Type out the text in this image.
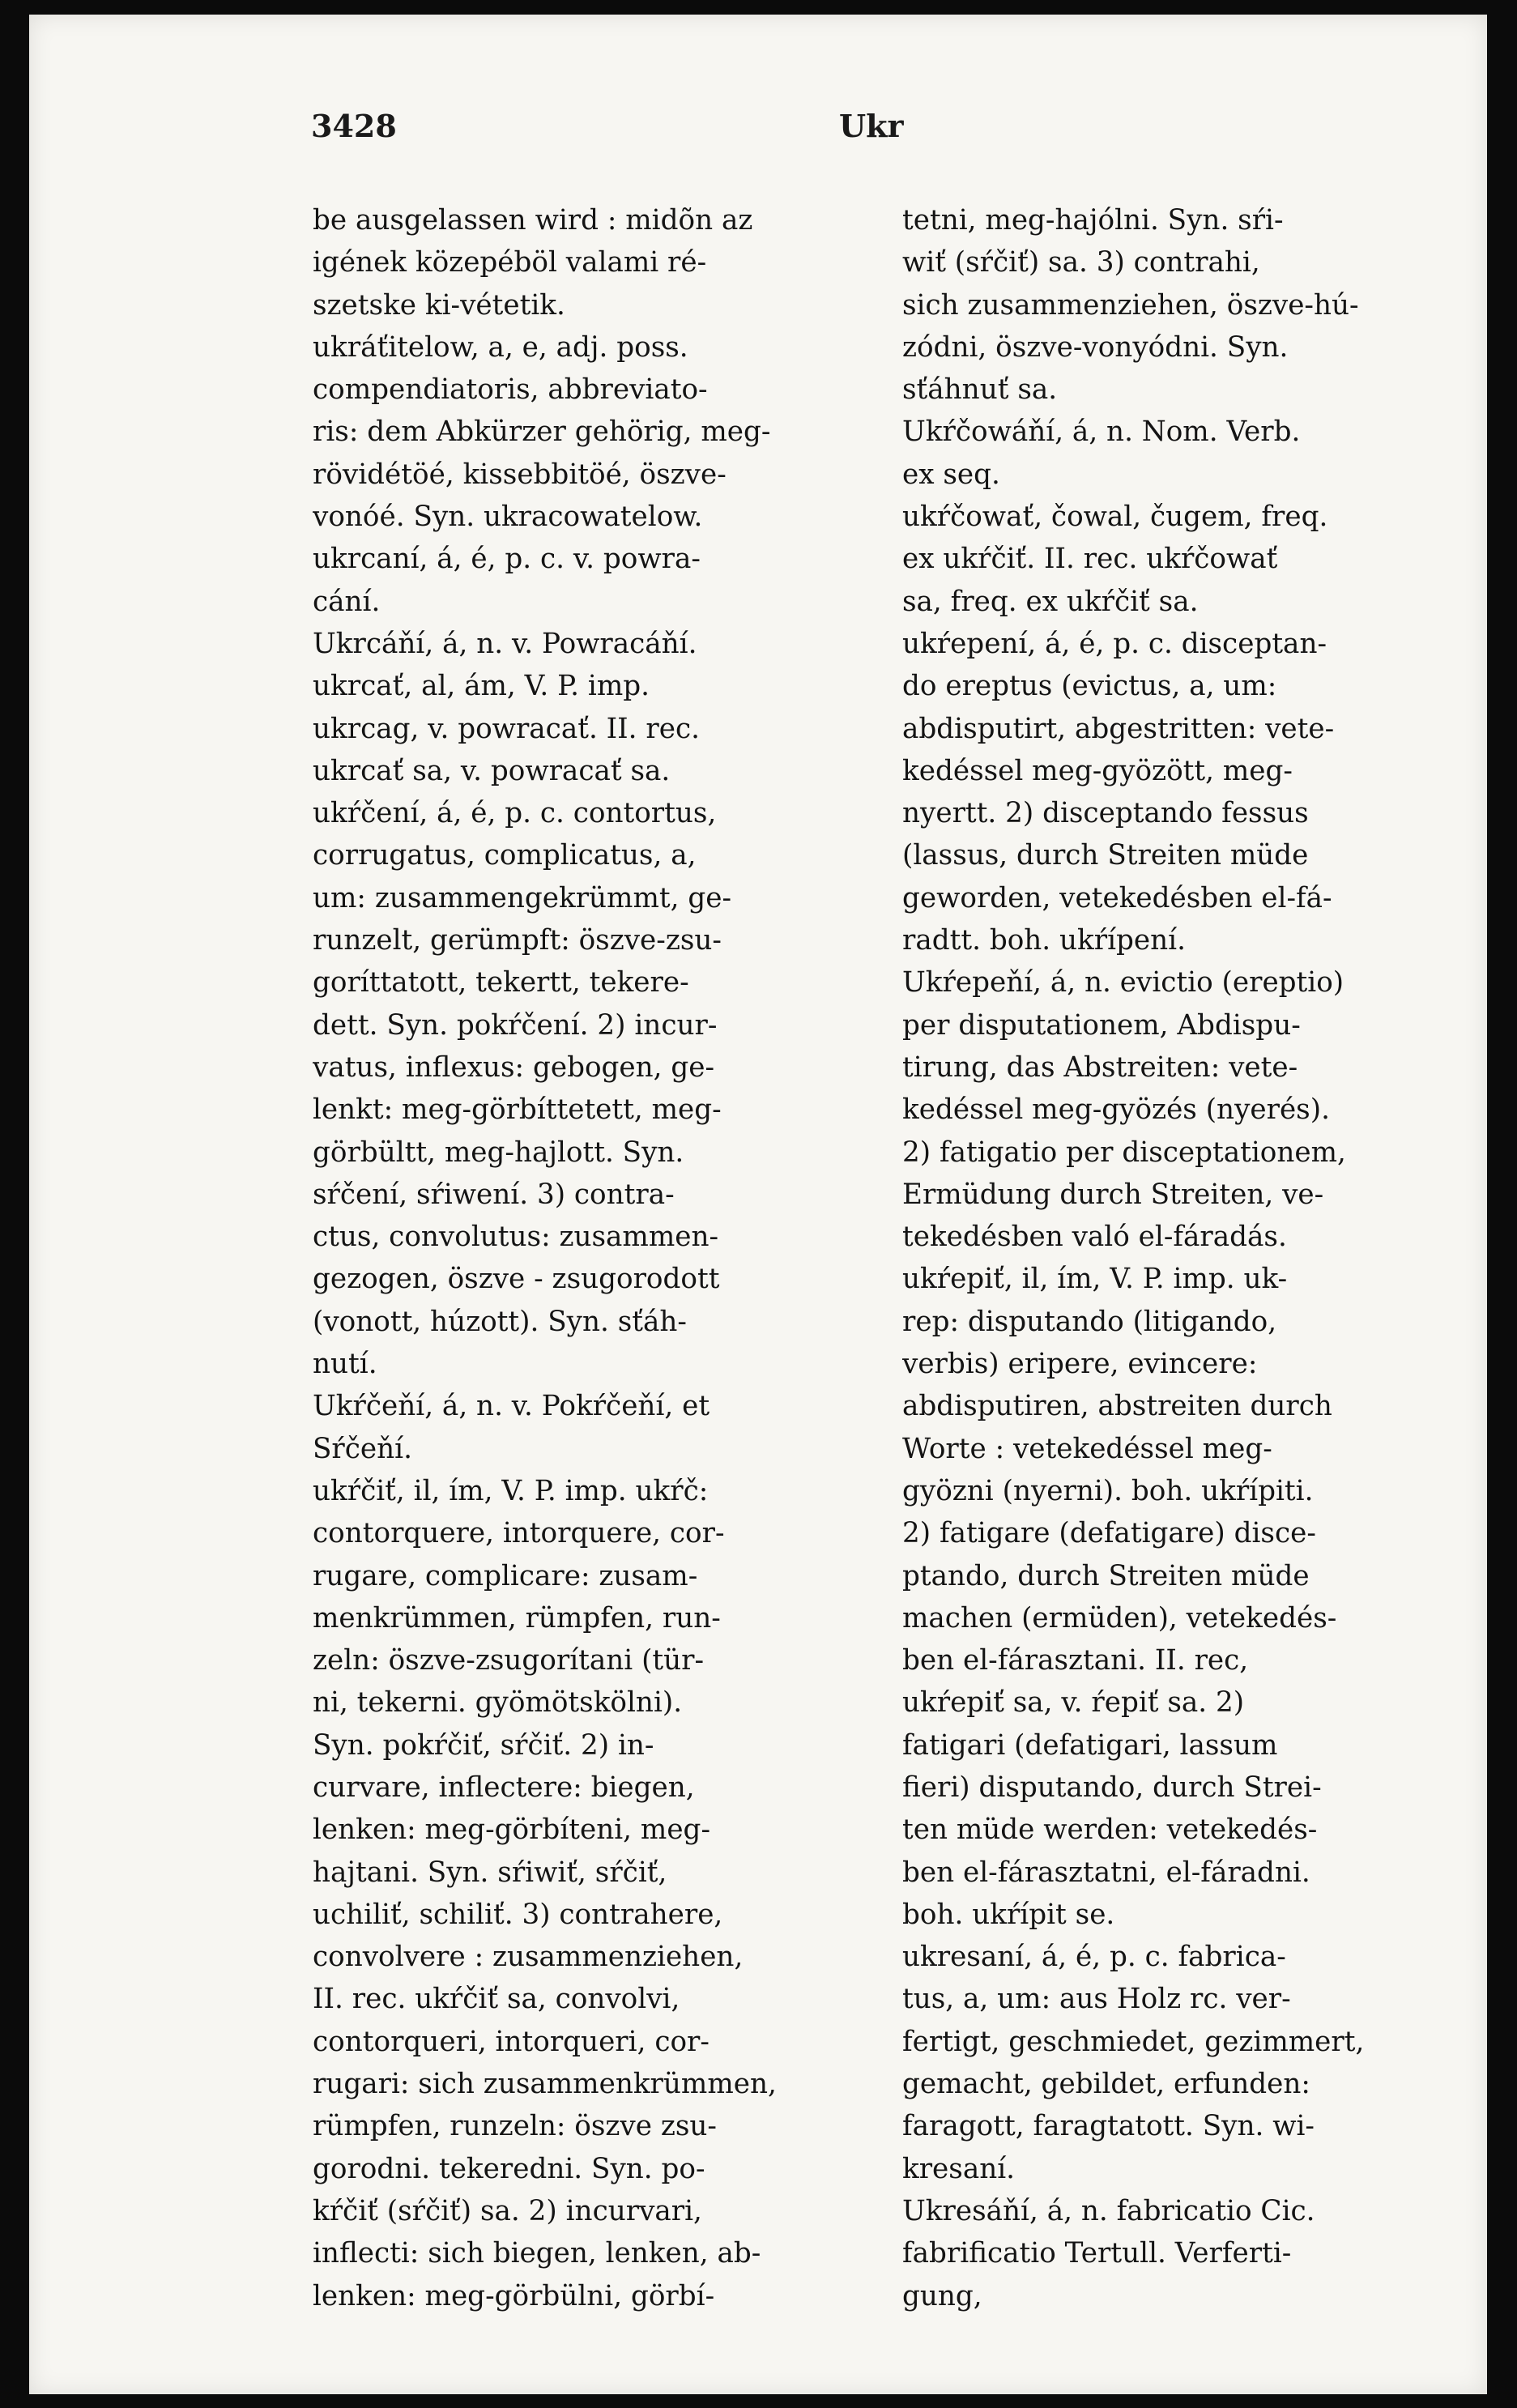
3428	Ukr
be ausgelassen wird : midõn az
igének közepéböl valami ré-
szetske ki-vétetik.
ukráťitelow, a, e, adj. poss.
compendiatoris, abbreviato-
ris: dem Abkürzer gehörig, meg-
rövidétöé, kissebbitöé, öszve-
vonóé. Syn. ukracowatelow.
ukrcaní, á, é, p. c. v. powra-
cání.
Ukrcáňí, á, n. v. Powracáňí.
ukrcať, al, ám, V. P. imp.
ukrcag, v. powracať. II. rec.
ukrcať sa, v. powracať sa.
ukŕčení, á, é, p. c. contortus,
corrugatus, complicatus, a,
um: zusammengekrümmt, ge-
runzelt, gerümpft: öszve-zsu-
goríttatott, tekertt, tekere-
dett. Syn. pokŕčení. 2) incur-
vatus, inflexus: gebogen, ge-
lenkt: meg-görbíttetett, meg-
görbültt, meg-hajlott. Syn.
sŕčení, sŕiwení. 3) contra-
ctus, convolutus: zusammen-
gezogen, öszve - zsugorodott
(vonott, húzott). Syn. sťáh-
nutí.
Ukŕčeňí, á, n. v. Pokŕčeňí, et
Sŕčeňí.
ukŕčiť, il, ím, V. P. imp. ukŕč:
contorquere, intorquere, cor-
rugare, complicare: zusam-
menkrümmen, rümpfen, run-
zeln: öszve-zsugorítani (tür-
ni, tekerni. gyömötskölni).
Syn. pokŕčiť, sŕčiť. 2) in-
curvare, inflectere: biegen,
lenken: meg-görbíteni, meg-
hajtani. Syn. sŕiwiť, sŕčiť,
uchiliť, schiliť. 3) contrahere,
convolvere : zusammenziehen,
II. rec. ukŕčiť sa, convolvi,
contorqueri, intorqueri, cor-
rugari: sich zusammenkrümmen,
rümpfen, runzeln: öszve zsu-
gorodni. tekeredni. Syn. po-
kŕčiť (sŕčiť) sa. 2) incurvari,
inflecti: sich biegen, lenken, ab-
lenken: meg-görbülni, görbí-
tetni, meg-hajólni. Syn. sŕi-
wiť (sŕčiť) sa. 3) contrahi,
sich zusammenziehen, öszve-hú-
zódni, öszve-vonyódni. Syn.
sťáhnuť sa.
Ukŕčowáňí, á, n. Nom. Verb.
ex seq.
ukŕčowať, čowal, čugem, freq.
ex ukŕčiť. II. rec. ukŕčowať
sa, freq. ex ukŕčiť sa.
ukŕepení, á, é, p. c. disceptan-
do ereptus (evictus, a, um:
abdisputirt, abgestritten: vete-
kedéssel meg-gyözött, meg-
nyertt. 2) disceptando fessus
(lassus, durch Streiten müde
geworden, vetekedésben el-fá-
radtt. boh. ukŕípení.
Ukŕepeňí, á, n. evictio (ereptio)
per disputationem, Abdispu-
tirung, das Abstreiten: vete-
kedéssel meg-gyözés (nyerés).
2) fatigatio per disceptationem,
Ermüdung durch Streiten, ve-
tekedésben való el-fáradás.
ukŕepiť, il, ím, V. P. imp. uk-
rep: disputando (litigando,
verbis) eripere, evincere:
abdisputiren, abstreiten durch
Worte : vetekedéssel meg-
gyözni (nyerni). boh. ukŕípiti.
2) fatigare (defatigare) disce-
ptando, durch Streiten müde
machen (ermüden), vetekedés-
ben el-fárasztani. II. rec,
ukŕepiť sa, v. ŕepiť sa. 2)
fatigari (defatigari, lassum
fieri) disputando, durch Strei-
ten müde werden: vetekedés-
ben el-fárasztatni, el-fáradni.
boh. ukŕípit se.
ukresaní, á, é, p. c. fabrica-
tus, a, um: aus Holz rc. ver-
fertigt, geschmiedet, gezimmert,
gemacht, gebildet, erfunden:
faragott, faragtatott. Syn. wi-
kresaní.
Ukresáňí, á, n. fabricatio Cic.
fabrificatio Tertull. Verferti-
gung,
